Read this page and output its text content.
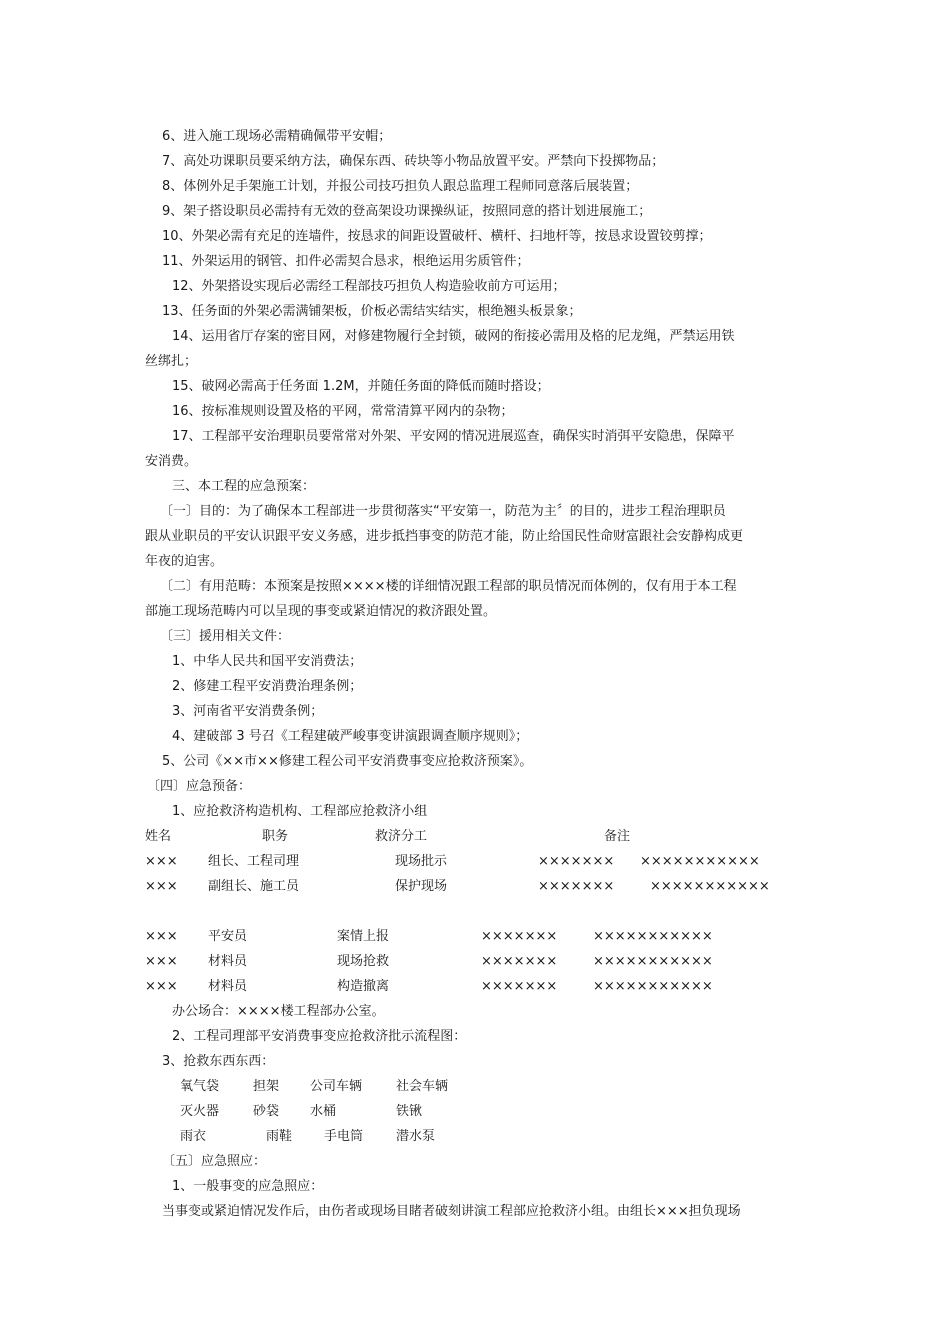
6、进入施工现场必需精确佩带平安帽；
7、高处功课职员要采纳方法，确保东西、砖块等小物品放置平安。严禁向下投掷物品；
8、体例外足手架施工计划，并报公司技巧担负人跟总监理工程师同意落后展装置；
9、架子搭设职员必需持有无效的登高架设功课操纵证，按照同意的搭计划进展施工；
10、外架必需有充足的连墙件，按恳求的间距设置破杆、横杆、扫地杆等，按恳求设置铰剪撑；
11、外架运用的钢管、扣件必需契合恳求，根绝运用劣质管件；
12、外架搭设实现后必需经工程部技巧担负人构造验收前方可运用；
13、任务面的外架必需满铺架板，价板必需结实结实，根绝翘头板景象；
14、运用省厅存案的密目网，对修建物履行全封锁，破网的衔接必需用及格的尼龙绳，严禁运用铁
丝绑扎；
15、破网必需高于任务面 1.2M，并随任务面的降低而随时搭设；
16、按标准规则设置及格的平网，常常清算平网内的杂物；
17、工程部平安治理职员要常常对外架、平安网的情况进展巡查，确保实时消弭平安隐患，保障平
安消费。
三、本工程的应急预案：
〔一〕目的：为了确保本工程部进一步贯彻落实“平安第一，防范为主〞的目的，进步工程治理职员
跟从业职员的平安认识跟平安义务感，进步抵挡事变的防范才能，防止给国民性命财富跟社会安静构成更
年夜的迫害。
〔二〕有用范畴：本预案是按照××××楼的详细情况跟工程部的职员情况而体例的，仅有用于本工程
部施工现场范畴内可以呈现的事变或紧迫情况的救济跟处置。
〔三〕援用相关文件：
1、中华人民共和国平安消费法；
2、修建工程平安消费治理条例；
3、河南省平安消费条例；
4、建破部 3 号召《工程建破严峻事变讲演跟调查顺序规则》；
5、公司《××市××修建工程公司平安消费事变应抢救济预案》。
〔四〕应急预备：
1、应抢救济构造机构、工程部应抢救济小组
姓名	职务	救济分工	备注
××× 组长、工程司理	现场批示	××××××× ×××××××××××
××× 副组长、施工员	保护现场	×××××××	×××××××××××
××× 平安员	案情上报	×××××××	×××××××××××
××× 材料员	现场抢救	×××××××	×××××××××××
××× 材料员	构造撤离	×××××××	×××××××××××
办公场合：××××楼工程部办公室。
2、工程司理部平安消费事变应抢救济批示流程图：
3、抢救东西东西：
氧气袋	担架 公司车辆	社会车辆
灭火器	砂袋 水桶	铁锹
雨衣	雨鞋 手电筒	潜水泵
〔五〕应急照应：
1、一般事变的应急照应：
当事变或紧迫情况发作后，由伤者或现场目睹者破刻讲演工程部应抢救济小组。由组长×××担负现场
